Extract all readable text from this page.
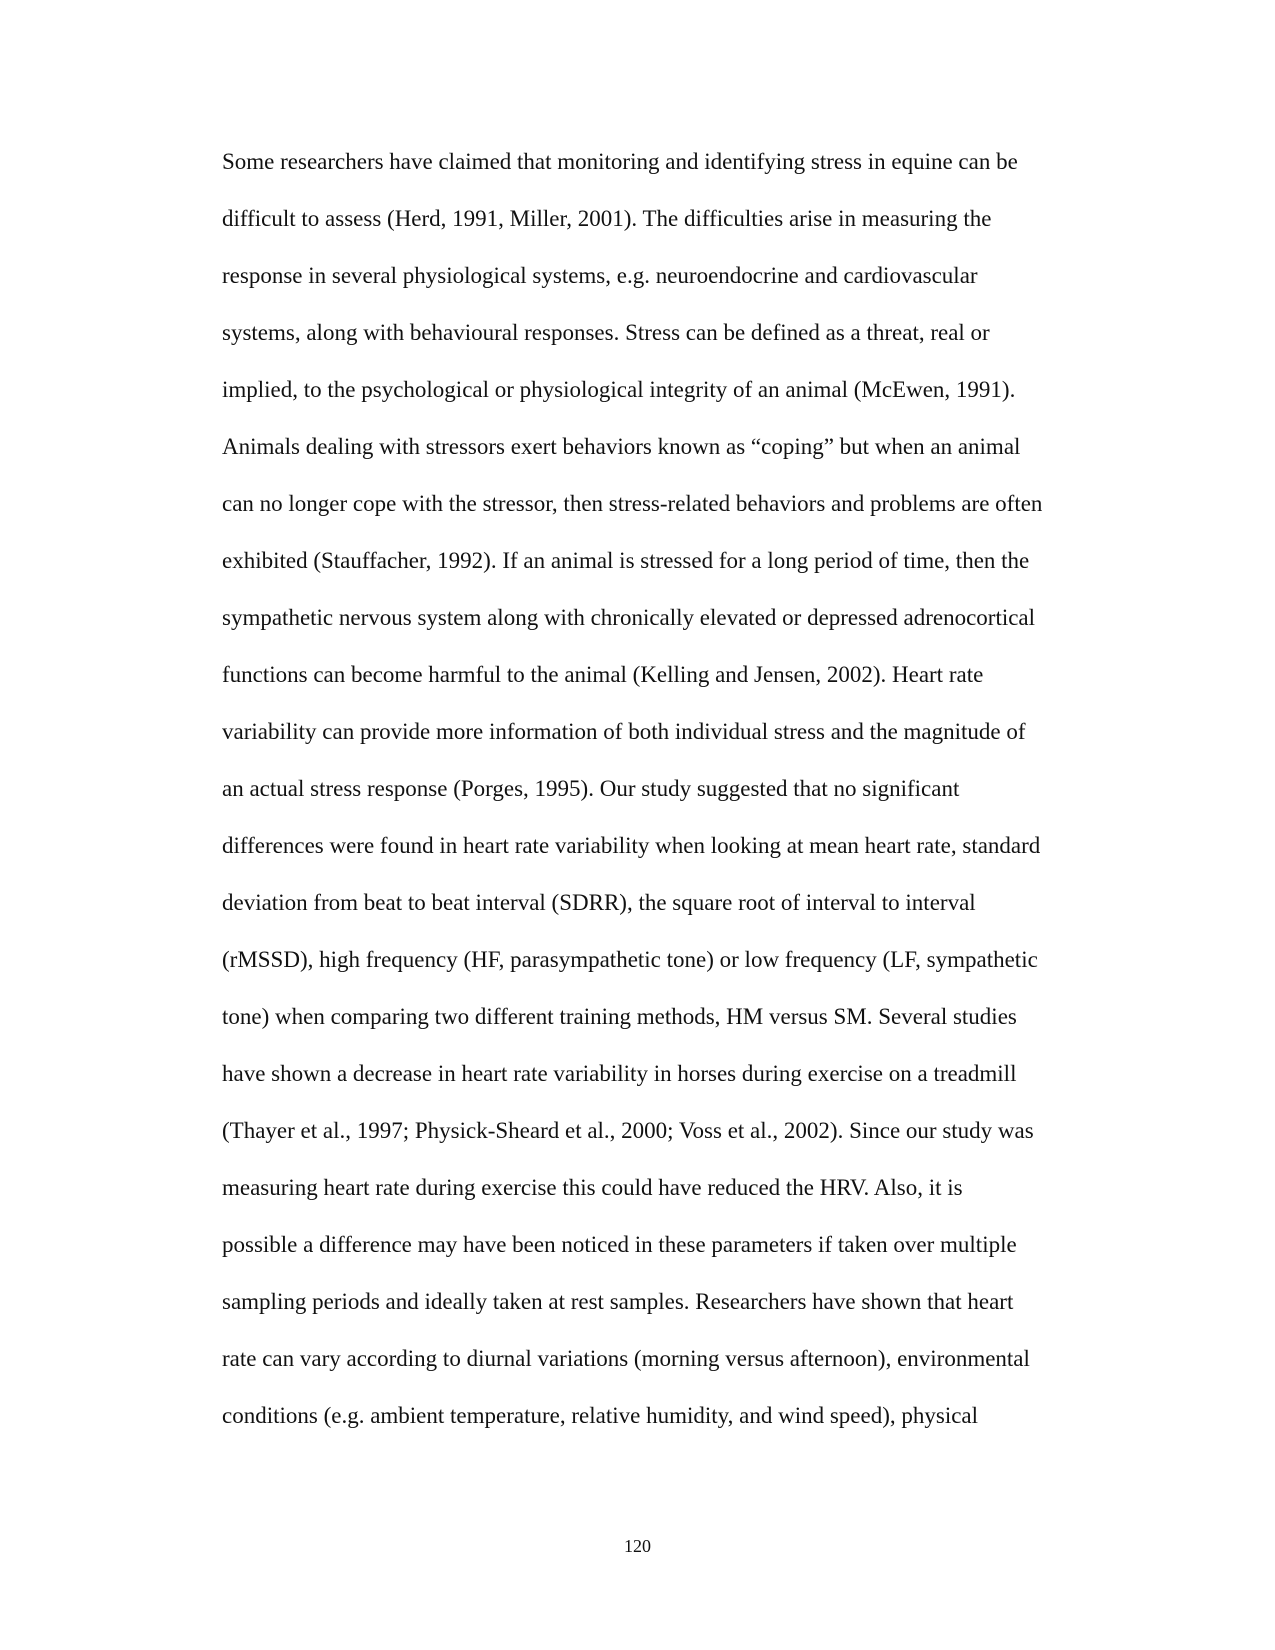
Some researchers have claimed that monitoring and identifying stress in equine can be
difficult to assess (Herd, 1991, Miller, 2001). The difficulties arise in measuring the
response in several physiological systems, e.g. neuroendocrine and cardiovascular
systems, along with behavioural responses. Stress can be defined as a threat, real or
implied, to the psychological or physiological integrity of an animal (McEwen, 1991).
Animals dealing with stressors exert behaviors known as “coping” but when an animal
can no longer cope with the stressor, then stress-related behaviors and problems are often
exhibited (Stauffacher, 1992). If an animal is stressed for a long period of time, then the
sympathetic nervous system along with chronically elevated or depressed adrenocortical
functions can become harmful to the animal (Kelling and Jensen, 2002). Heart rate
variability can provide more information of both individual stress and the magnitude of
an actual stress response (Porges, 1995). Our study suggested that no significant
differences were found in heart rate variability when looking at mean heart rate, standard
deviation from beat to beat interval (SDRR), the square root of interval to interval
(rMSSD), high frequency (HF, parasympathetic tone) or low frequency (LF, sympathetic
tone) when comparing two different training methods, HM versus SM. Several studies
have shown a decrease in heart rate variability in horses during exercise on a treadmill
(Thayer et al., 1997; Physick-Sheard et al., 2000; Voss et al., 2002). Since our study was
measuring heart rate during exercise this could have reduced the HRV. Also, it is
possible a difference may have been noticed in these parameters if taken over multiple
sampling periods and ideally taken at rest samples. Researchers have shown that heart
rate can vary according to diurnal variations (morning versus afternoon), environmental
conditions (e.g. ambient temperature, relative humidity, and wind speed), physical
120
